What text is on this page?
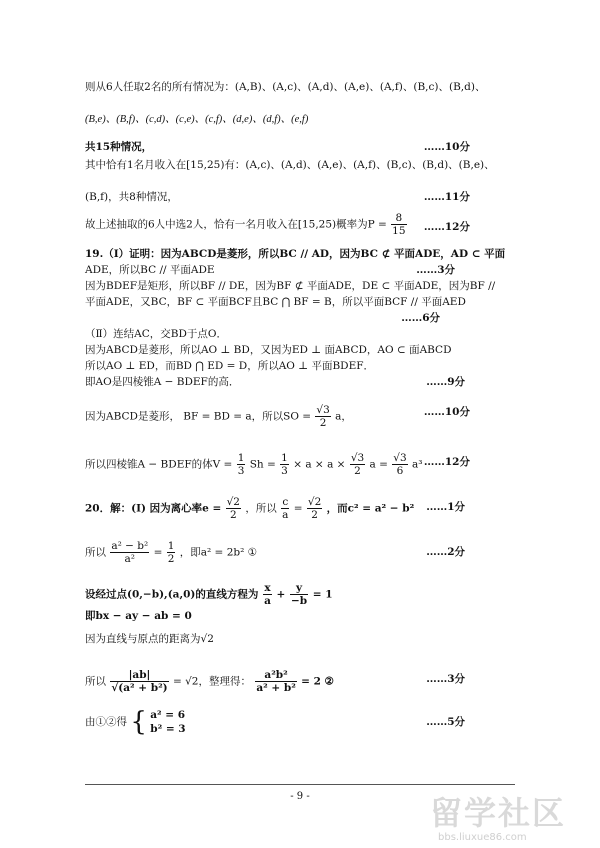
则从6人任取2名的所有情况为：(A,B)、(A,c)、(A,d)、(A,e)、(A,f)、(B,c)、(B,d)、
(B,e)、(B,f)、(c,d)、(c,e)、(c,f)、(d,e)、(d,f)、(e,f)
共15种情况，	……10分
其中恰有1名月收入在[15,25)有：(A,c)、(A,d)、(A,e)、(A,f)、(B,c)、(B,d)、(B,e)、
(B,f)，共8种情况，	……11分
故上述抽取的6人中选2人，恰有一名月收入在[15,25)概率为$P = \frac{8}{15}$	……12分
19.（Ⅰ）证明：因为ABCD是菱形，所以BC // AD，因为BC ⊄ 平面ADE，AD ⊂ 平面
ADE，所以BC // 平面ADE	……3分
因为BDEF是矩形，所以BF // DE，因为BF ⊄ 平面ADE，DE ⊂ 平面ADE，因为BF //
平面ADE，又BC，BF ⊂ 平面BCF且BC ⋂ BF = B，所以平面BCF // 平面AED
……6分
（Ⅱ）连结AC，交BD于点O．
因为ABCD是菱形，所以AO ⊥ BD，又因为ED ⊥ 面ABCD，AO ⊂ 面ABCD
所以AO ⊥ ED，而BD ⋂ ED = D，所以AO ⊥ 平面BDEF．
即AO是四棱锥A − BDEF的高．	……9分
因为ABCD是菱形， BF = BD = a，所以SO = $\frac{√3}{2}$ a，	……10分
所以四棱锥A − BDEF的体$V = \frac{1}{3}$ $Sh = \frac{1}{3} \times a \times a \times \frac{√3}{2}$ $a = \frac{√3}{6} a^3$ ……12分
20．解：(Ⅰ) 因为离心率$e = \frac{√2}{2}$ ，所以 $\frac{c}{a} = \frac{√2}{2}$ ，而c² = a² − b²	……1分
所以 $\frac{\text{a² − b²}}{\text{a²}} = \frac{1}{2}$ ，即a² = 2b² ①	……2分
设经过点(0,−b),(a,0)的直线方程为 $\frac{x}{a} + \frac{y}{-b} = 1$
即bx − ay − ab = 0
因为直线与原点的距离为√2
所以 $\frac{|ab|}{\text{√(a² + b²)}} = √2$，整理得： $\frac{\text{a²b²}}{\text{a² + b²}} = 2$ ②	……3分
由①②得 { a² = 6
b² = 3
……5分
- 9 -	留学社区
bbs.liuxue86.com
